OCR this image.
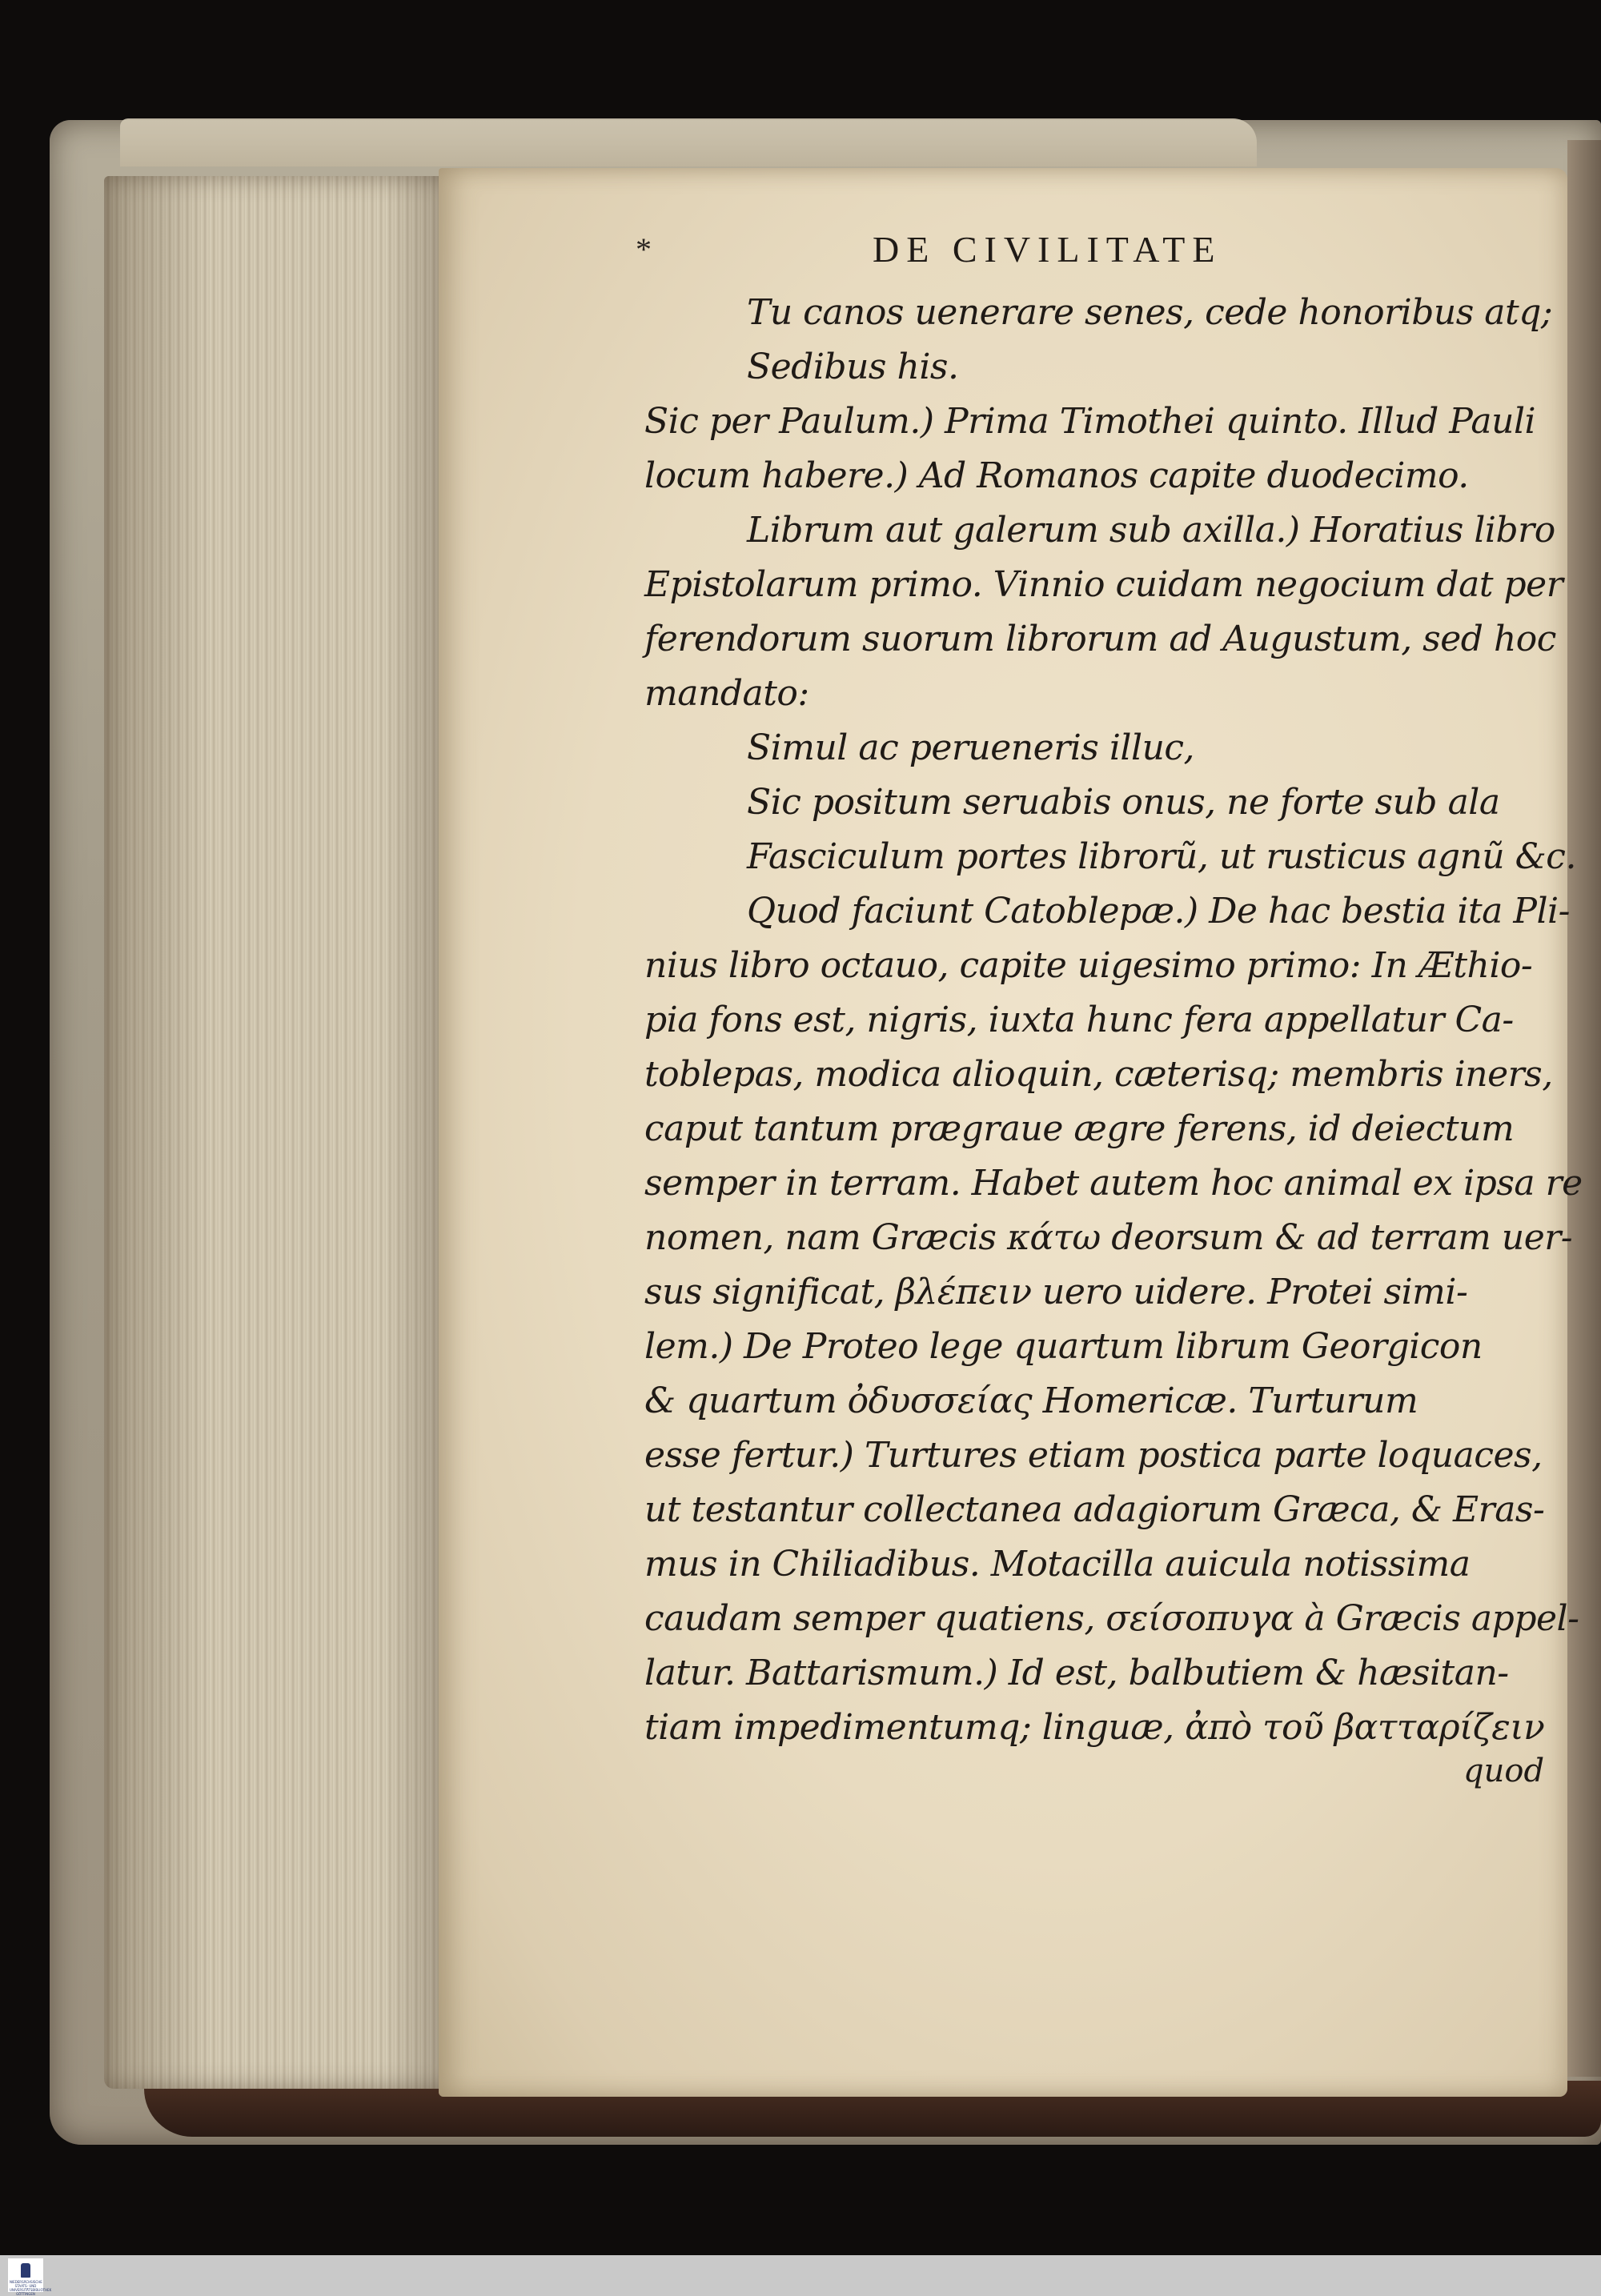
*	DE CIVILITATE
Tu canos uenerare senes, cede honoribus atq;
Sedibus his.
Sic per Paulum.) Prima Timothei quinto. Illud Pauli
locum habere.) Ad Romanos capite duodecimo.
Librum aut galerum sub axilla.) Horatius libro
Epistolarum primo. Vinnio cuidam negocium dat per
ferendorum suorum librorum ad Augustum, sed hoc
mandato:
Simul ac perueneris illuc,
Sic positum seruabis onus, ne forte sub ala
Fasciculum portes librorũ, ut rusticus agnũ &c.
Quod faciunt Catoblepæ.) De hac bestia ita Pli-
nius libro octauo, capite uigesimo primo: In Æthio-
pia fons est, nigris, iuxta hunc fera appellatur Ca-
toblepas, modica alioquin, cæterisq; membris iners,
caput tantum prægraue ægre ferens, id deiectum
semper in terram. Habet autem hoc animal ex ipsa re
nomen, nam Græcis κάτω deorsum & ad terram uer-
sus significat, βλέπειν uero uidere. Protei simi-
lem.) De Proteo lege quartum librum Georgicon
& quartum ὀδυσσείας Homericæ. Turturum
esse fertur.) Turtures etiam postica parte loquaces,
ut testantur collectanea adagiorum Græca, & Eras-
mus in Chiliadibus. Motacilla auicula notissima
caudam semper quatiens, σείσοπυγα à Græcis appel-
latur. Battarismum.) Id est, balbutiem & hæsitan-
tiam impedimentumq; linguæ, ἀπὸ τοῦ βατταρίζειν
quod
NIEDERSÄCHSISCHE STAATS- UND UNIVERSITÄTSBIBLIOTHEK GÖTTINGEN
